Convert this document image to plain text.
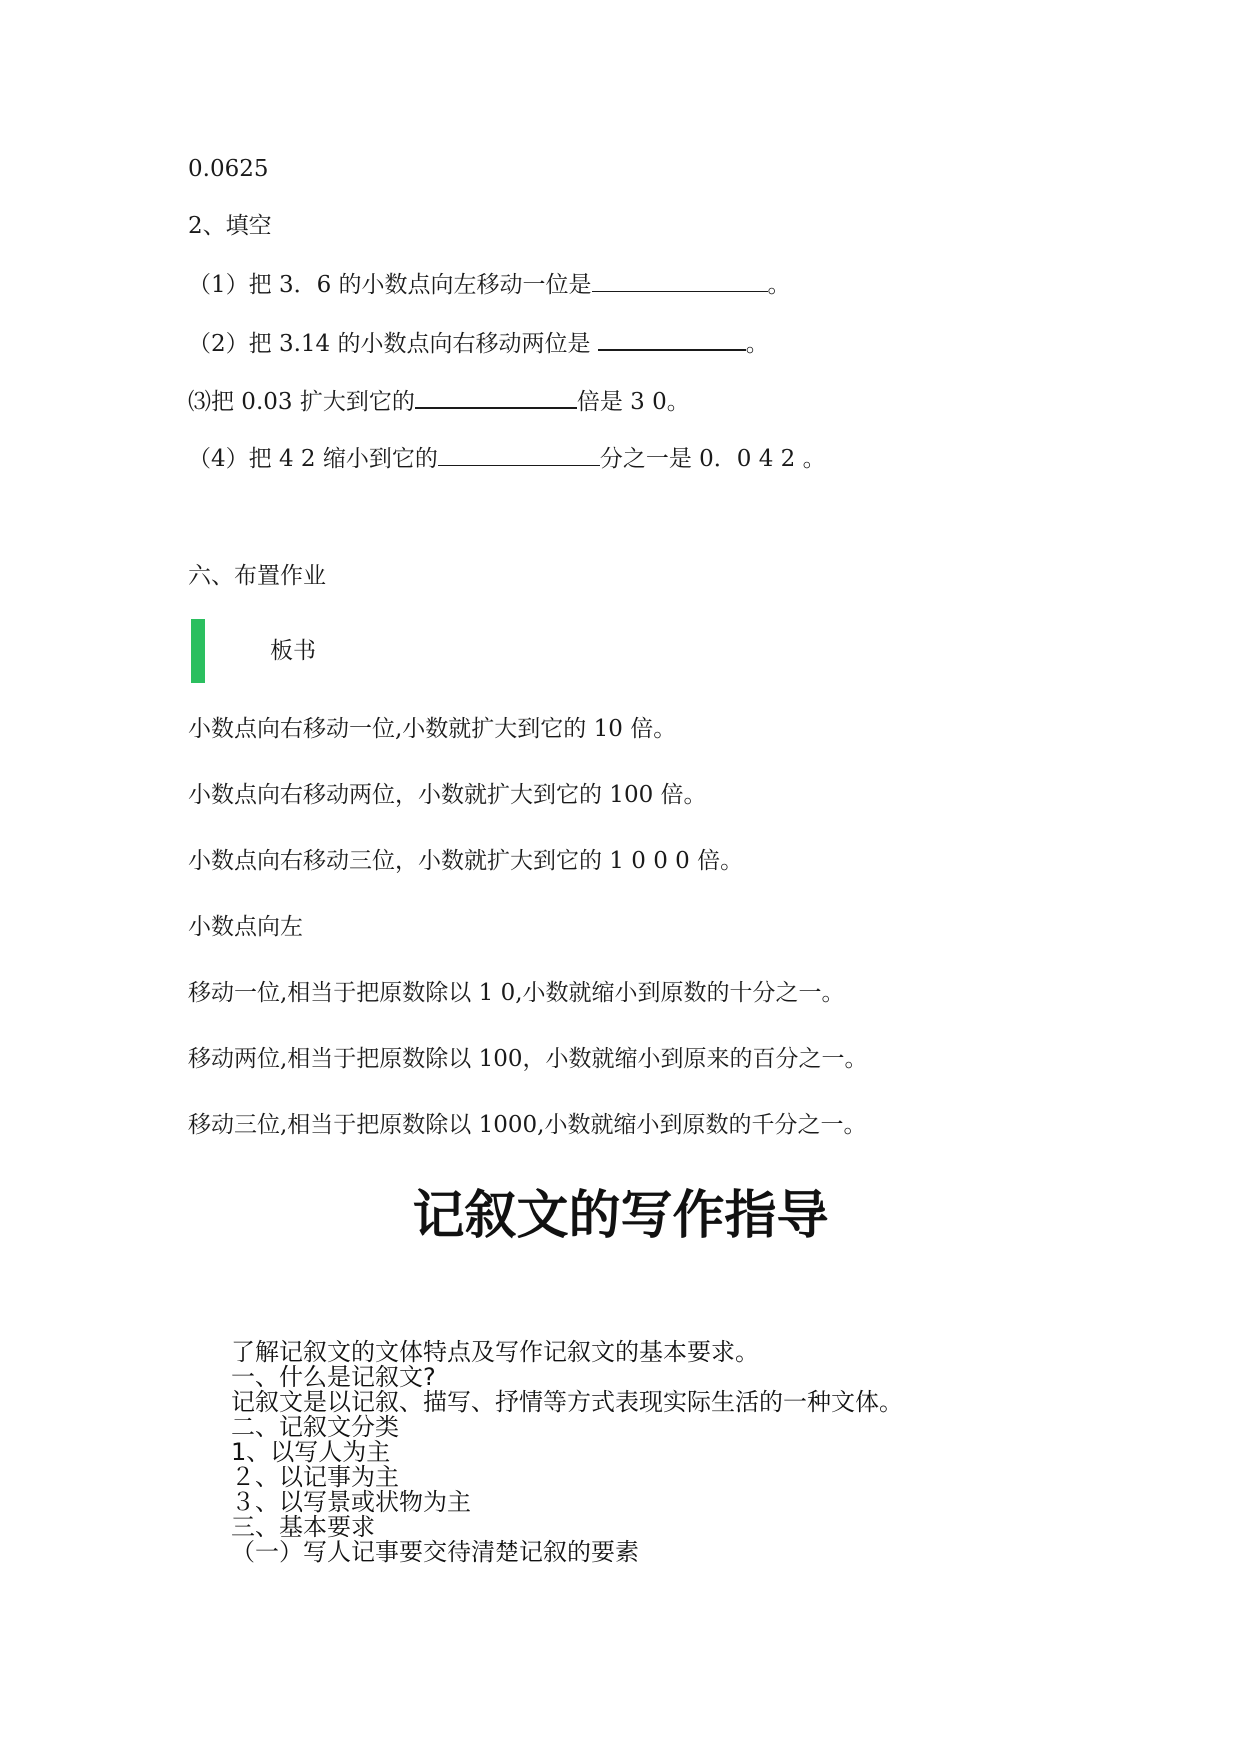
0.0625
2、填空
（1）把 3．6 的小数点向左移动一位是	。
（2）把 3.14 的小数点向右移动两位是	。
⑶把 0.03 扩大到它的	倍是 3 0。
（4）把 4 2 缩小到它的	分之一是 0．0 4 2 。
六、布置作业
板书
小数点向右移动一位,小数就扩大到它的 10 倍。
小数点向右移动两位，小数就扩大到它的 100 倍。
小数点向右移动三位，小数就扩大到它的 1 0 0 0 倍。
小数点向左
移动一位,相当于把原数除以 1 0,小数就缩小到原数的十分之一。
移动两位,相当于把原数除以 100，小数就缩小到原来的百分之一。
移动三位,相当于把原数除以 1000,小数就缩小到原数的千分之一。
记叙文的写作指导
了解记叙文的文体特点及写作记叙文的基本要求。
一、什么是记叙文?
记叙文是以记叙、描写、抒情等方式表现实际生活的一种文体。
二、记叙文分类
1、以写人为主
２、以记事为主
３、以写景或状物为主
三、基本要求
（一）写人记事要交待清楚记叙的要素
